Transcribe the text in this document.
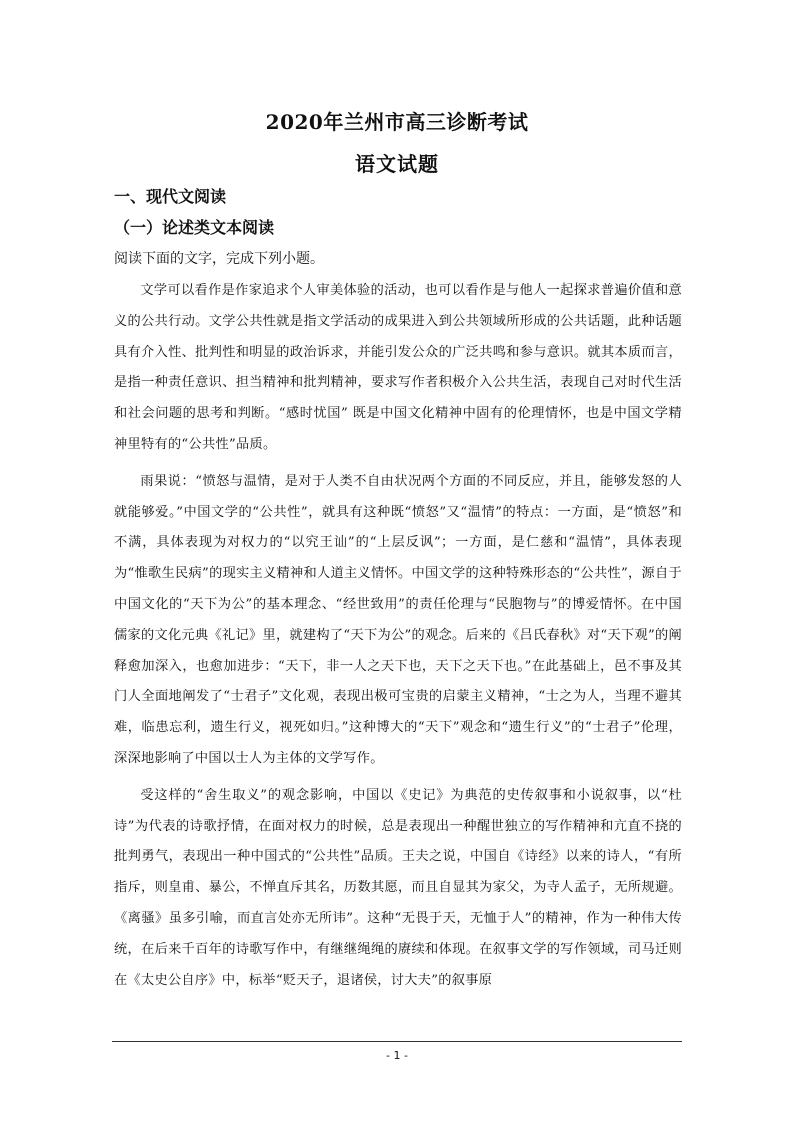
2020年兰州市高三诊断考试
语文试题
一、现代文阅读
（一）论述类文本阅读
阅读下面的文字，完成下列小题。

文学可以看作是作家追求个人审美体验的活动，也可以看作是与他人一起探求普遍价值和意义的公共行动。文学公共性就是指文学活动的成果进入到公共领域所形成的公共话题，此种话题具有介入性、批判性和明显的政治诉求，并能引发公众的广泛共鸣和参与意识。就其本质而言，是指一种责任意识、担当精神和批判精神，要求写作者积极介入公共生活，表现自己对时代生活和社会问题的思考和判断。“感时忧国” 既是中国文化精神中固有的伦理情怀，也是中国文学精神里特有的“公共性”品质。

雨果说：“愤怒与温情，是对于人类不自由状况两个方面的不同反应，并且，能够发怒的人就能够爱。”中国文学的“公共性”，就具有这种既“愤怒”又“温情”的特点：一方面，是“愤怒”和不满，具体表现为对权力的“以究王讪”的“上层反讽”；一方面，是仁慈和“温情”，具体表现为“惟歌生民病”的现实主义精神和人道主义情怀。中国文学的这种特殊形态的“公共性”，源自于中国文化的“天下为公”的基本理念、“经世致用”的责任伦理与“民胞物与”的博爱情怀。在中国儒家的文化元典《礼记》里，就建构了“天下为公”的观念。后来的《吕氏春秋》对“天下观”的阐释愈加深入，也愈加进步：“天下，非一人之天下也，天下之天下也。”在此基础上，邑不事及其门人全面地阐发了“士君子”文化观，表现出极可宝贵的启蒙主义精神，“士之为人，当理不避其难，临患忘利，遗生行义，视死如归。”这种博大的“天下”观念和“遗生行义”的“士君子”伦理，深深地影响了中国以士人为主体的文学写作。

受这样的“舍生取义”的观念影响，中国以《史记》为典范的史传叙事和小说叙事，以“杜诗”为代表的诗歌抒情，在面对权力的时候，总是表现出一种醒世独立的写作精神和亢直不挠的批判勇气，表现出一种中国式的“公共性”品质。王夫之说，中国自《诗经》以来的诗人，“有所指斥，则皇甫、暴公，不惮直斥其名，历数其愿，而且自显其为家父，为寺人孟子，无所规避。《离骚》虽多引喻，而直言处亦无所讳”。这种“无畏于天，无恤于人”的精神，作为一种伟大传统，在后来千百年的诗歌写作中，有继继绳绳的赓续和体现。在叙事文学的写作领域，司马迁则在《太史公自序》中，标举“贬天子，退诸侯，讨大夫”的叙事原

- 1 -
